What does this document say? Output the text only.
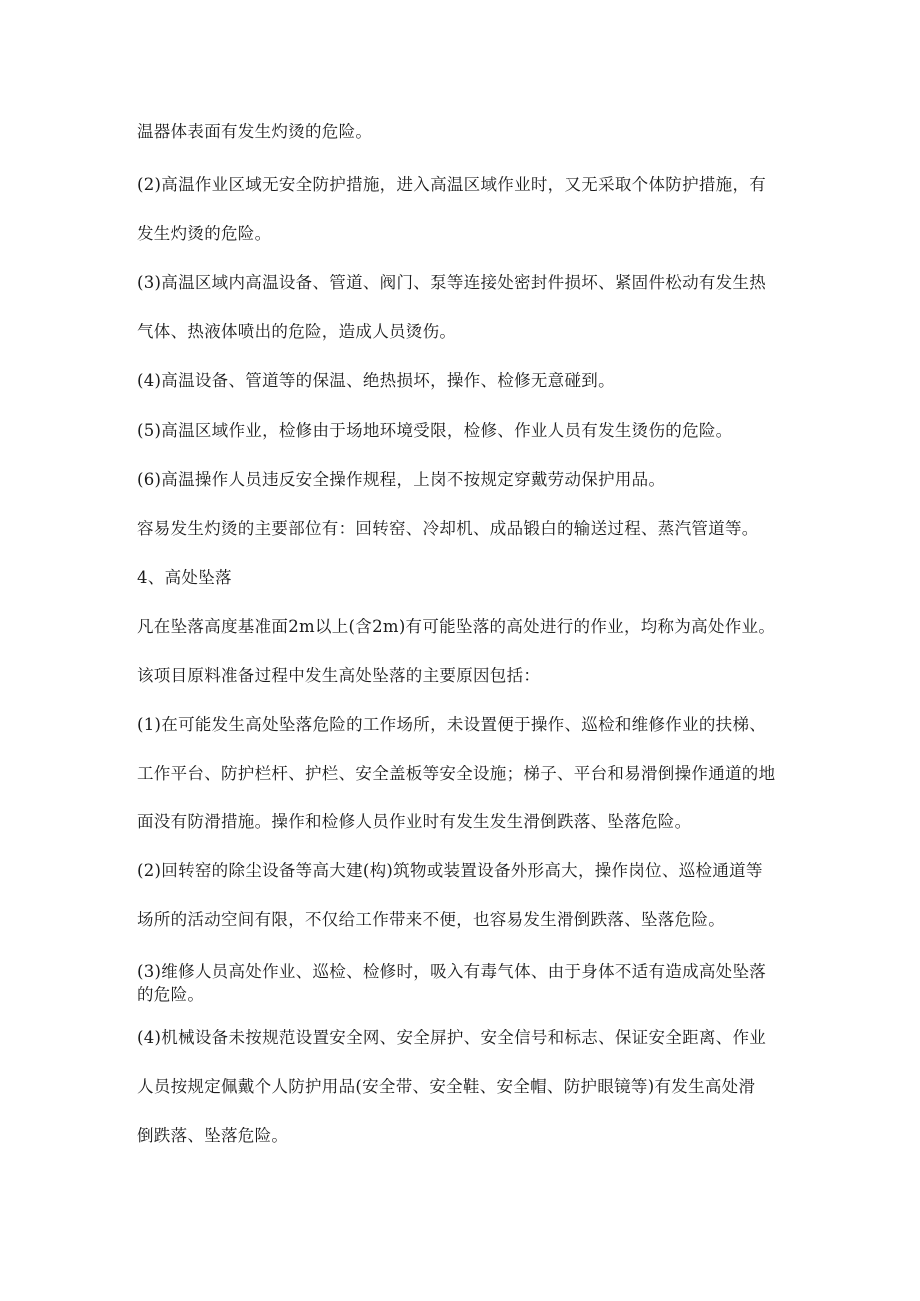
温器体表面有发生灼烫的危险。
(2)高温作业区域无安全防护措施，进入高温区域作业时，又无采取个体防护措施，有
发生灼烫的危险。
(3)高温区域内高温设备、管道、阀门、泵等连接处密封件损坏、紧固件松动有发生热
气体、热液体喷出的危险，造成人员烫伤。
(4)高温设备、管道等的保温、绝热损坏，操作、检修无意碰到。
(5)高温区域作业，检修由于场地环境受限，检修、作业人员有发生烫伤的危险。
(6)高温操作人员违反安全操作规程，上岗不按规定穿戴劳动保护用品。
容易发生灼烫的主要部位有：回转窑、冷却机、成品锻白的输送过程、蒸汽管道等。
4、高处坠落
凡在坠落高度基准面2m以上(含2m)有可能坠落的高处进行的作业，均称为高处作业。
该项目原料准备过程中发生高处坠落的主要原因包括：
(1)在可能发生高处坠落危险的工作场所，未设置便于操作、巡检和维修作业的扶梯、
工作平台、防护栏杆、护栏、安全盖板等安全设施；梯子、平台和易滑倒操作通道的地
面没有防滑措施。操作和检修人员作业时有发生发生滑倒跌落、坠落危险。
(2)回转窑的除尘设备等高大建(构)筑物或装置设备外形高大，操作岗位、巡检通道等
场所的活动空间有限，不仅给工作带来不便，也容易发生滑倒跌落、坠落危险。
(3)维修人员高处作业、巡检、检修时，吸入有毒气体、由于身体不适有造成高处坠落
的危险。
(4)机械设备未按规范设置安全网、安全屏护、安全信号和标志、保证安全距离、作业
人员按规定佩戴个人防护用品(安全带、安全鞋、安全帽、防护眼镜等)有发生高处滑
倒跌落、坠落危险。
